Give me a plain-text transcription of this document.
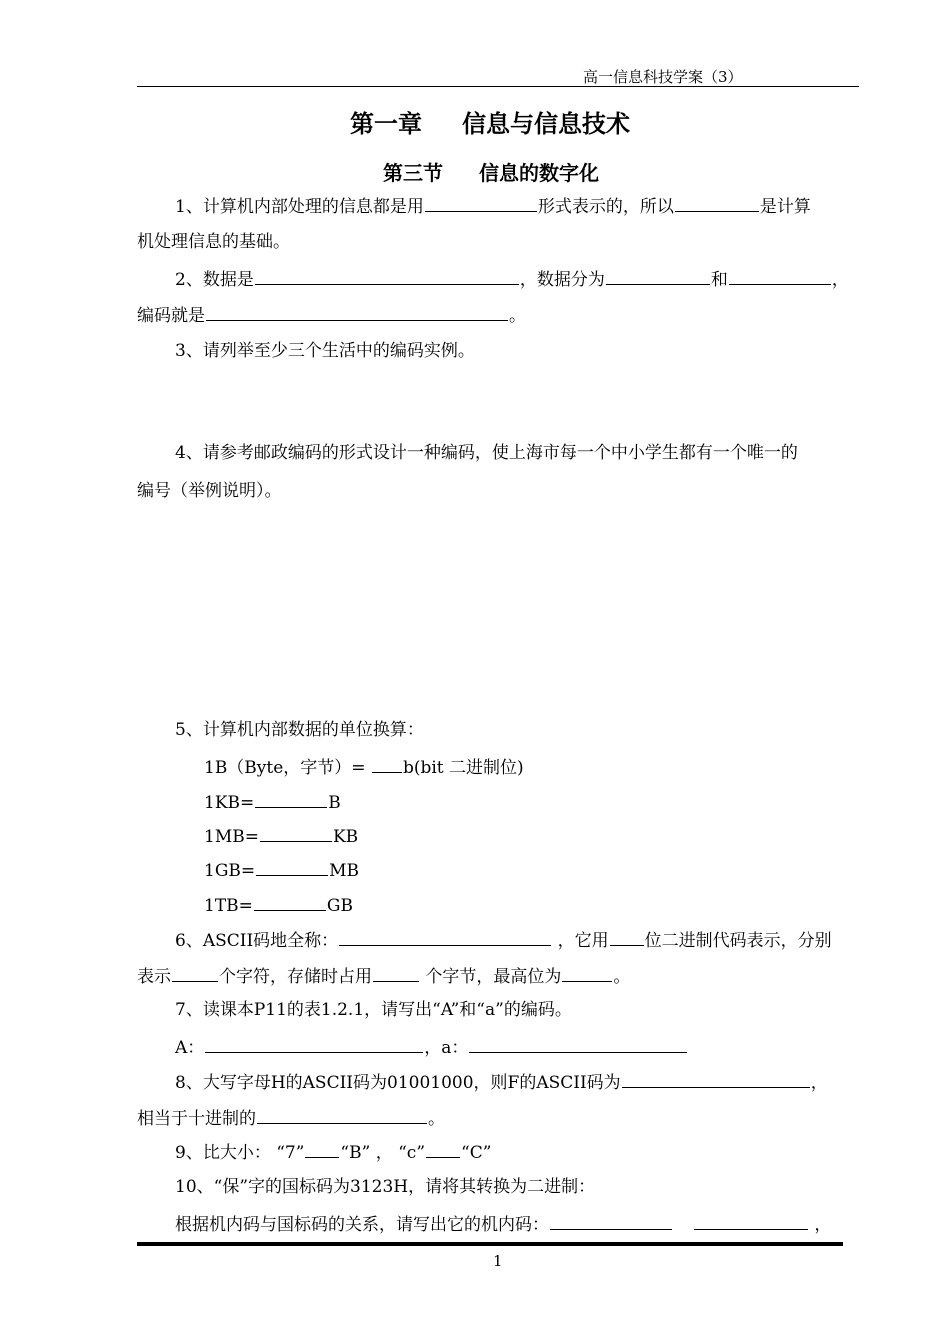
高一信息科技学案（3）
第一章 信息与信息技术
第三节 信息的数字化
1、计算机内部处理的信息都是用	形式表示的，所以	是计算
机处理信息的基础。
2、数据是	，数据分为	和	，
编码就是	。
3、请列举至少三个生活中的编码实例。
4、请参考邮政编码的形式设计一种编码，使上海市每一个中小学生都有一个唯一的
编号（举例说明）。
5、计算机内部数据的单位换算：
1B（Byte，字节）= b(bit 二进制位)
1KB=	B
1MB=	KB
1GB=	MB
1TB=	GB
6、ASCII码地全称：	，它用 位二进制代码表示，分别
表示	个字符，存储时占用	个字节，最高位为	。
7、读课本P11的表1.2.1，请写出“A”和“a”的编码。
A：	，a：
8、大写字母H的ASCII码为01001000，则F的ASCII码为	，
相当于十进制的	。
9、比大小： “7” “B” ， “c” “C”
10、“保”字的国标码为3123H，请将其转换为二进制：
根据机内码与国标码的关系，请写出它的机内码：	，
1
